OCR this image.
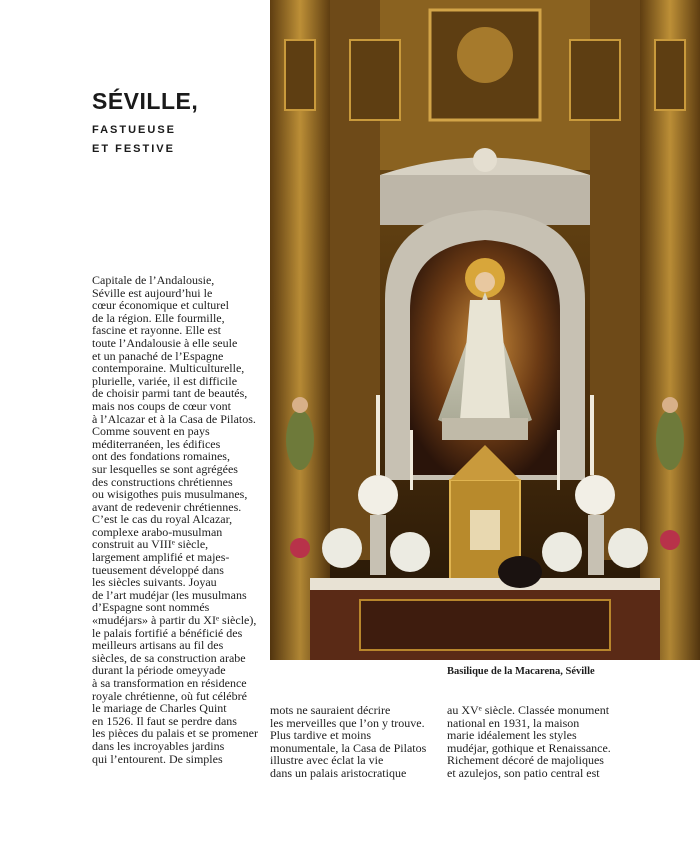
SÉVILLE,
FASTUEUSE
ET FESTIVE
Capitale de l’Andalousie,
Séville est aujourd’hui le
cœur économique et culturel
de la région. Elle fourmille,
fascine et rayonne. Elle est
toute l’Andalousie à elle seule
et un panaché de l’Espagne
contemporaine. Multiculturelle,
plurielle, variée, il est difficile
de choisir parmi tant de beautés,
mais nos coups de cœur vont
à l’Alcazar et à la Casa de Pilatos.
Comme souvent en pays
méditerranéen, les édifices
ont des fondations romaines,
sur lesquelles se sont agrégées
des constructions chrétiennes
ou wisigothes puis musulmanes,
avant de redevenir chrétiennes.
C’est le cas du royal Alcazar,
complexe arabo-musulman
construit au VIIIᵉ siècle,
largement amplifié et majes-
tueusement développé dans
les siècles suivants. Joyau
de l’art mudéjar (les musulmans
d’Espagne sont nommés
«mudéjars» à partir du XIᵉ siècle),
le palais fortifié a bénéficié des
meilleurs artisans au fil des
siècles, de sa construction arabe
durant la période omeyyade
à sa transformation en résidence
royale chrétienne, où fut célébré
le mariage de Charles Quint
en 1526. Il faut se perdre dans
les pièces du palais et se promener
dans les incroyables jardins
qui l’entourent. De simples
mots ne sauraient décrire
les merveilles que l’on y trouve.
Plus tardive et moins
monumentale, la Casa de Pilatos
illustre avec éclat la vie
dans un palais aristocratique
au XVᵉ siècle. Classée monument
national en 1931, la maison
marie idéalement les styles
mudéjar, gothique et Renaissance.
Richement décoré de majoliques
et azulejos, son patio central est
Basilique de la Macarena, Séville
